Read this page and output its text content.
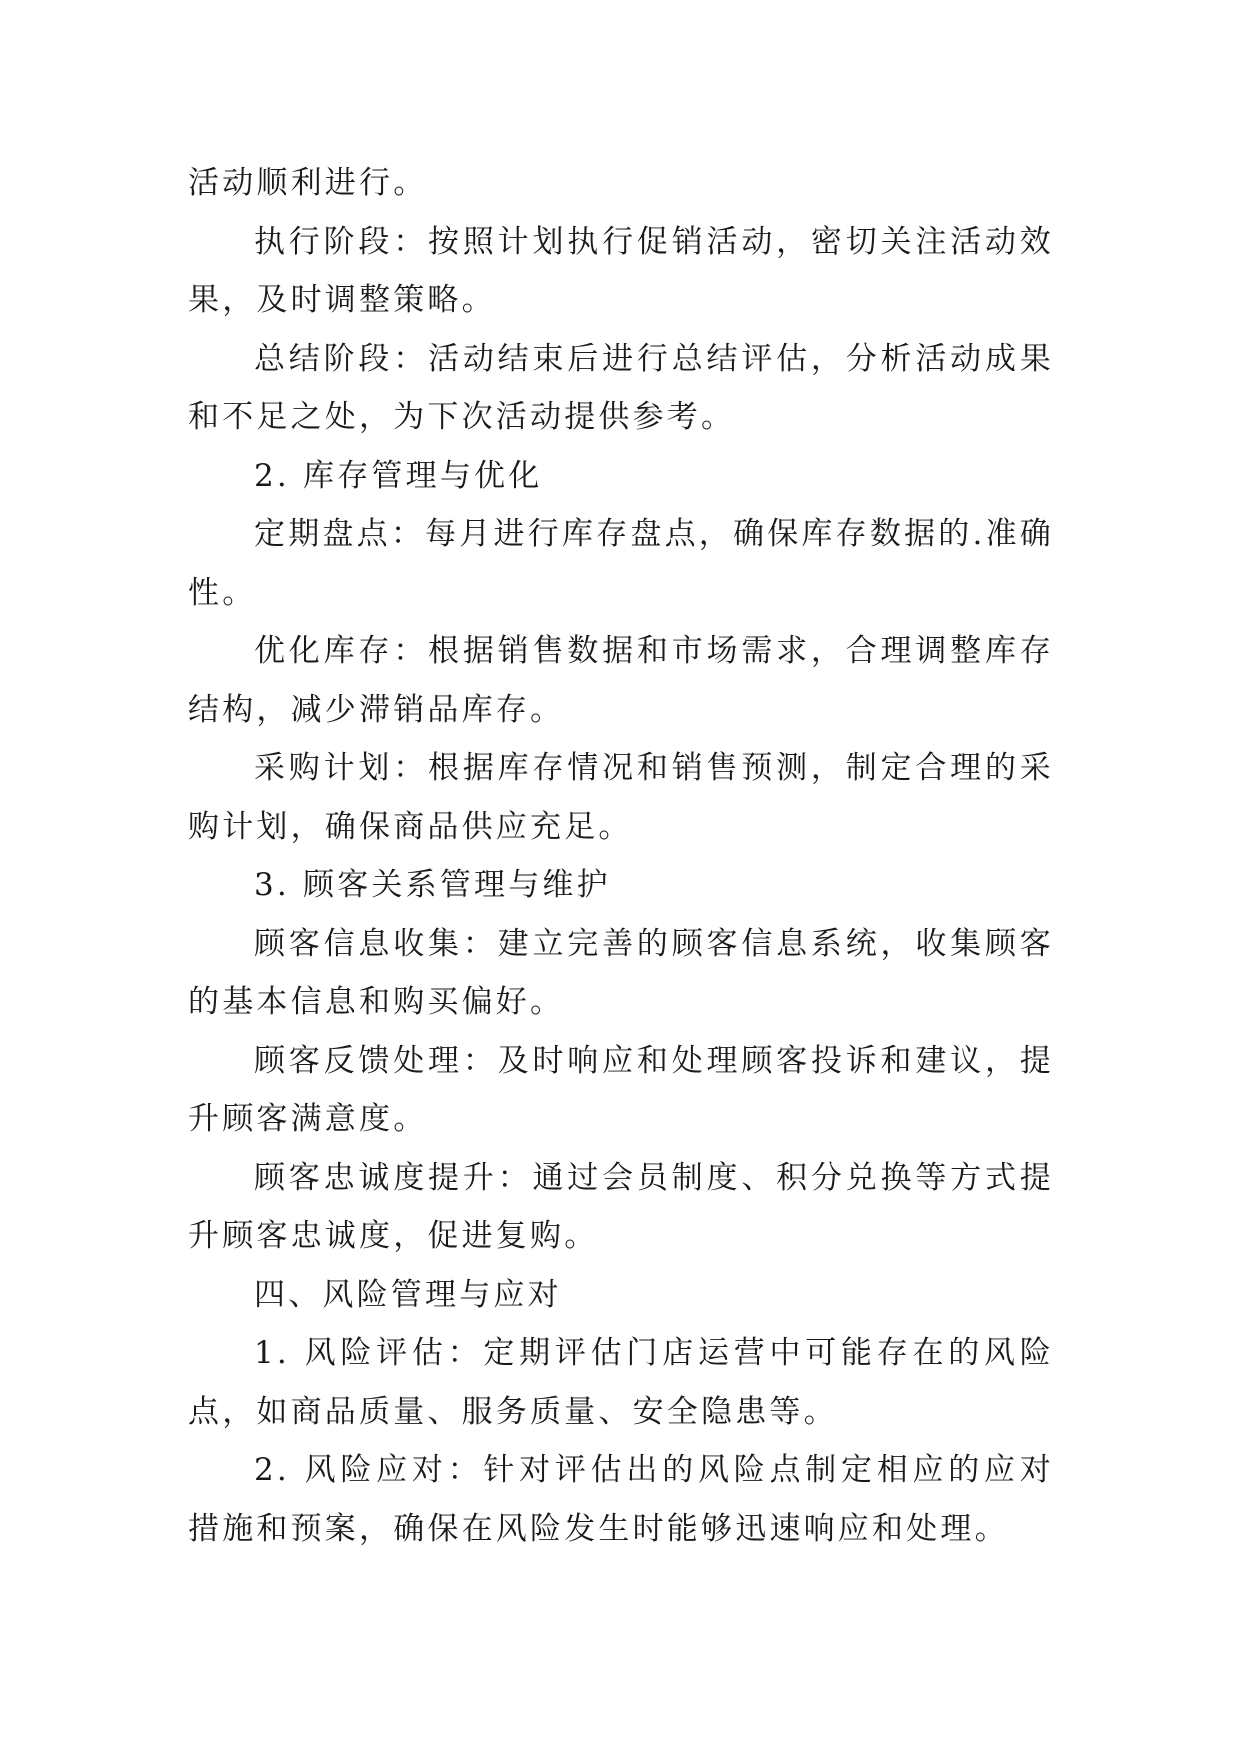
活动顺利进行。

执行阶段：按照计划执行促销活动，密切关注活动效果，及时调整策略。

总结阶段：活动结束后进行总结评估，分析活动成果和不足之处，为下次活动提供参考。

2. 库存管理与优化

定期盘点：每月进行库存盘点，确保库存数据的.准确性。

优化库存：根据销售数据和市场需求，合理调整库存结构，减少滞销品库存。

采购计划：根据库存情况和销售预测，制定合理的采购计划，确保商品供应充足。

3. 顾客关系管理与维护

顾客信息收集：建立完善的顾客信息系统，收集顾客的基本信息和购买偏好。

顾客反馈处理：及时响应和处理顾客投诉和建议，提升顾客满意度。

顾客忠诚度提升：通过会员制度、积分兑换等方式提升顾客忠诚度，促进复购。

四、风险管理与应对

1. 风险评估：定期评估门店运营中可能存在的风险点，如商品质量、服务质量、安全隐患等。

2. 风险应对：针对评估出的风险点制定相应的应对措施和预案，确保在风险发生时能够迅速响应和处理。
